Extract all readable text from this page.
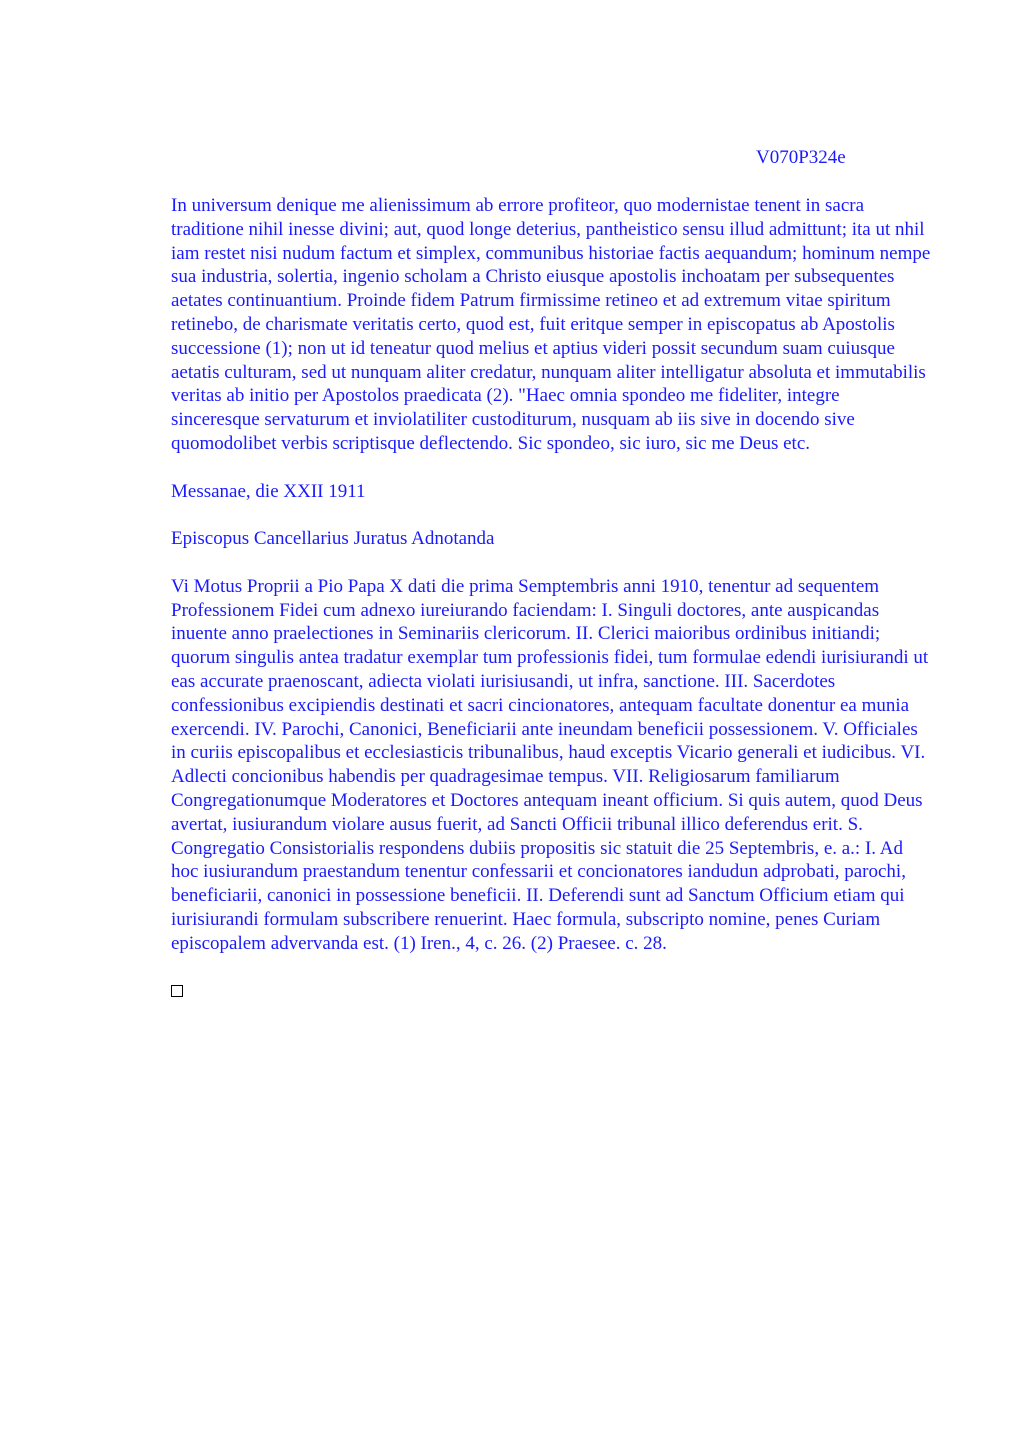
V070P324e

In universum denique me alienissimum ab errore profiteor, quo modernistae tenent in sacra traditione nihil inesse divini; aut, quod longe deterius, pantheistico sensu illud admittunt; ita ut nhil iam restet nisi nudum factum et simplex, communibus historiae factis aequandum; hominum nempe sua industria, solertia, ingenio scholam a Christo eiusque apostolis inchoatam per subsequentes aetates continuantium. Proinde fidem Patrum firmissime retineo et ad extremum vitae spiritum retinebo, de charismate veritatis certo, quod est, fuit eritque semper in episcopatus ab Apostolis successione (1); non ut id teneatur quod melius et aptius videri possit secundum suam cuiusque aetatis culturam, sed ut nunquam aliter credatur, nunquam aliter intelligatur absoluta et immutabilis veritas ab initio per Apostolos praedicata (2). "Haec omnia spondeo me fideliter, integre sinceresque servaturum et inviolatiliter custoditurum, nusquam ab iis sive in docendo sive quomodolibet verbis scriptisque deflectendo. Sic spondeo, sic iuro, sic me Deus etc.

Messanae, die XXII 1911

Episcopus Cancellarius Juratus Adnotanda

Vi Motus Proprii a Pio Papa X dati die prima Semptembris anni 1910, tenentur ad sequentem Professionem Fidei cum adnexo iureiurando faciendam: I. Singuli doctores, ante auspicandas inuente anno praelectiones in Seminariis clericorum. II. Clerici maioribus ordinibus initiandi; quorum singulis antea tradatur exemplar tum professionis fidei, tum formulae edendi iurisiurandi ut eas accurate praenoscant, adiecta violati iurisiusandi, ut infra, sanctione. III. Sacerdotes confessionibus excipiendis destinati et sacri cincionatores, antequam facultate donentur ea munia exercendi. IV. Parochi, Canonici, Beneficiarii ante ineundam beneficii possessionem. V. Officiales in curiis episcopalibus et ecclesiasticis tribunalibus, haud exceptis Vicario generali et iudicibus. VI. Adlecti concionibus habendis per quadragesimae tempus. VII. Religiosarum familiarum Congregationumque Moderatores et Doctores antequam ineant officium. Si quis autem, quod Deus avertat, iusiurandum violare ausus fuerit, ad Sancti Officii tribunal illico deferendus erit. S. Congregatio Consistorialis respondens dubiis propositis sic statuit die 25 Septembris, e. a.: I. Ad hoc iusiurandum praestandum tenentur confessarii et concionatores iandudun adprobati, parochi, beneficiarii, canonici in possessione beneficii. II. Deferendi sunt ad Sanctum Officium etiam qui iurisiurandi formulam subscribere renuerint. Haec formula, subscripto nomine, penes Curiam episcopalem advervanda est. (1) Iren., 4, c. 26. (2) Praesee. c. 28.
